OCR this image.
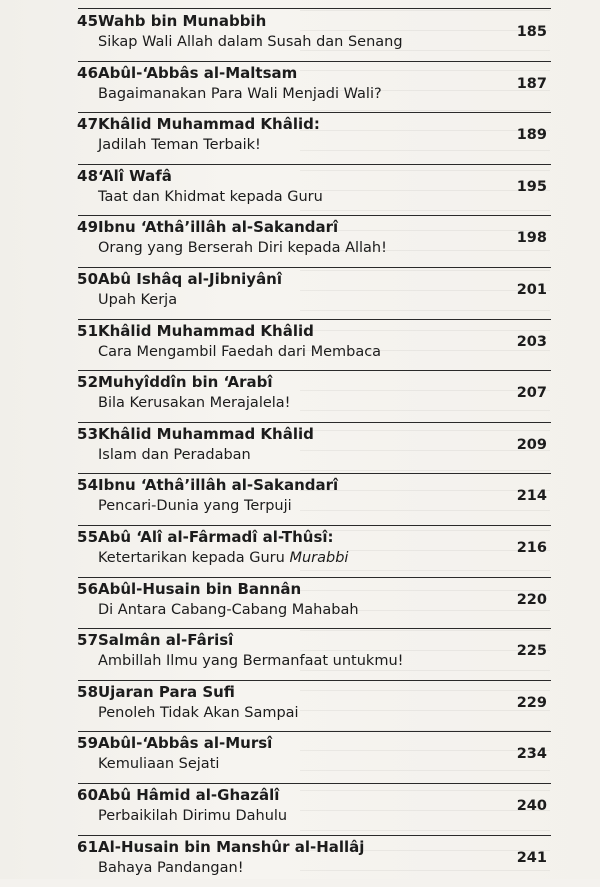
45 Wahb bin Munabbih
Sikap Wali Allah dalam Susah dan Senang
185
46 Abûl-‘Abbâs al-Maltsam
Bagaimanakan Para Wali Menjadi Wali?
187
47 Khâlid Muhammad Khâlid:
Jadilah Teman Terbaik!
189
48 ‘Alî Wafâ
Taat dan Khidmat kepada Guru
195
49 Ibnu ‘Athâ’illâh al-Sakandarî
Orang yang Berserah Diri kepada Allah!
198
50 Abû Ishâq al-Jibniyânî
Upah Kerja
201
51 Khâlid Muhammad Khâlid
Cara Mengambil Faedah dari Membaca
203
52 Muhyîddîn bin ‘Arabî
Bila Kerusakan Merajalela!
207
53 Khâlid Muhammad Khâlid
Islam dan Peradaban
209
54 Ibnu ‘Athâ’illâh al-Sakandarî
Pencari-Dunia yang Terpuji
214
55 Abû ‘Alî al-Fârmadî al-Thûsî:
Ketertarikan kepada Guru Murabbi
216
56 Abûl-Husain bin Bannân
Di Antara Cabang-Cabang Mahabah
220
57 Salmân al-Fârisî
Ambillah Ilmu yang Bermanfaat untukmu!
225
58 Ujaran Para Sufi
Penoleh Tidak Akan Sampai
229
59 Abûl-‘Abbâs al-Mursî
Kemuliaan Sejati
234
60 Abû Hâmid al-Ghazâlî
Perbaikilah Dirimu Dahulu
240
61 Al-Husain bin Manshûr al-Hallâj
Bahaya Pandangan!
241
